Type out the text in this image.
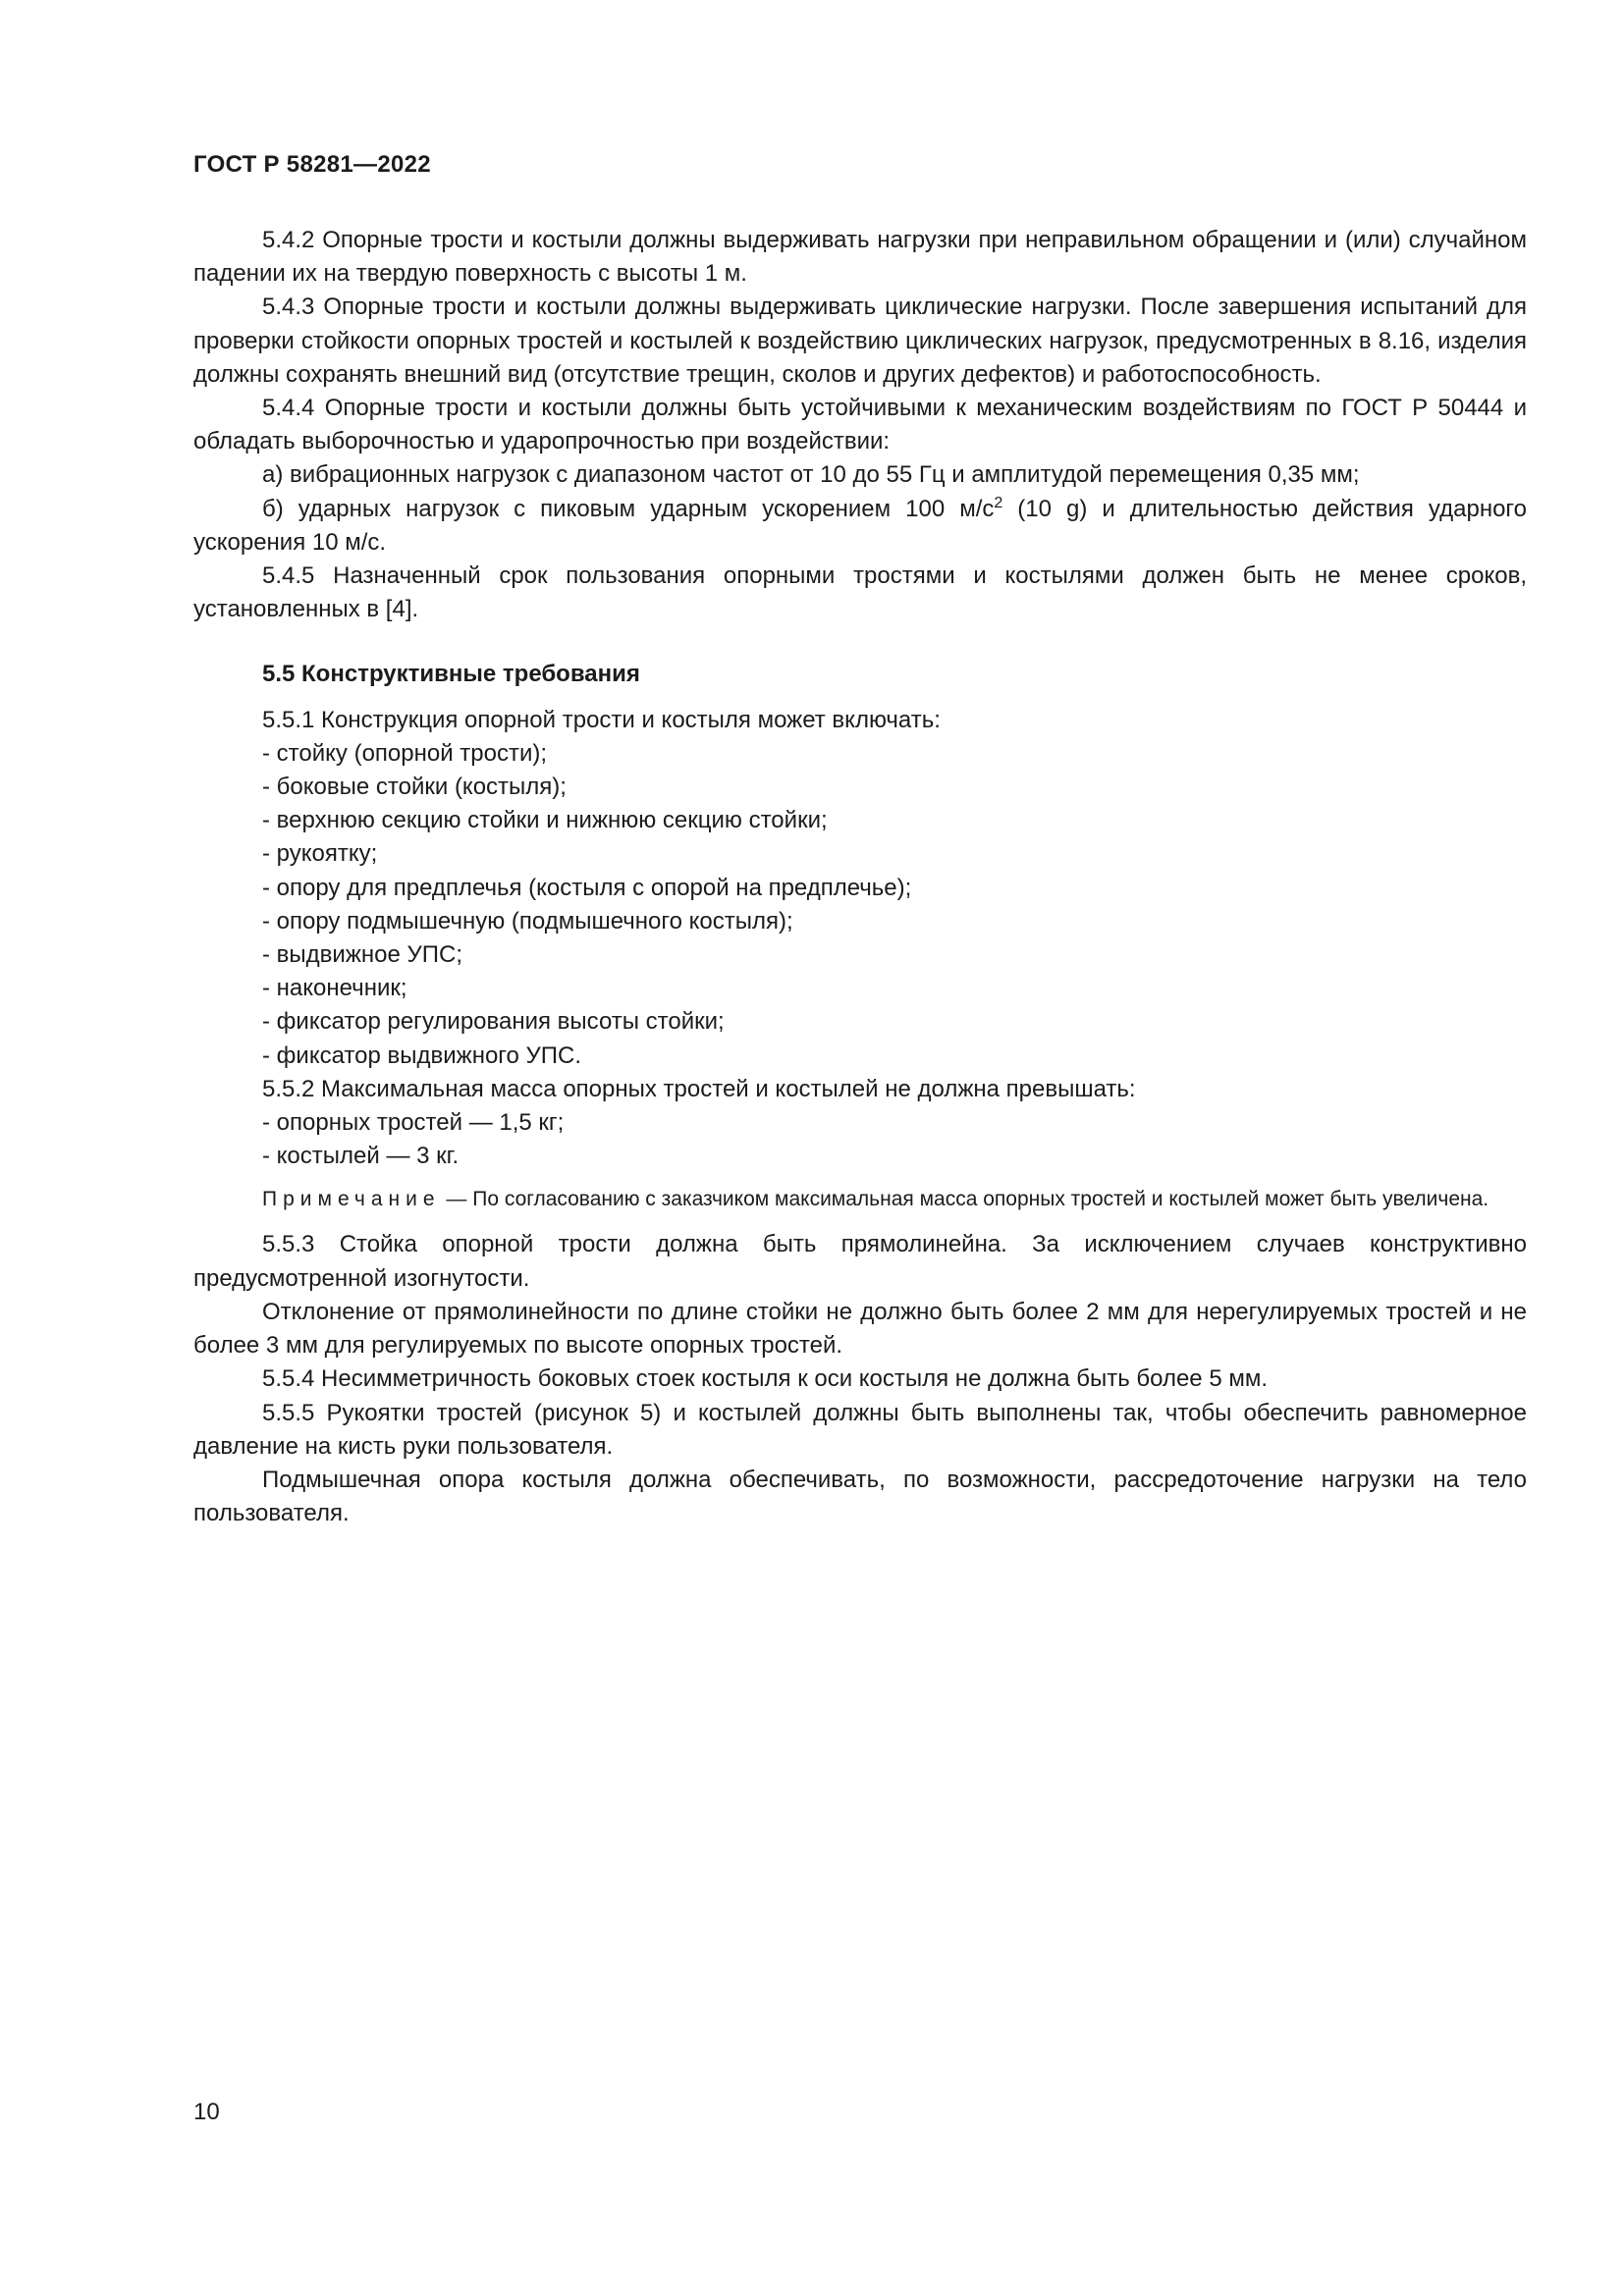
ГОСТ Р 58281—2022

5.4.2 Опорные трости и костыли должны выдерживать нагрузки при неправильном обращении и (или) случайном падении их на твердую поверхность с высоты 1 м.

5.4.3 Опорные трости и костыли должны выдерживать циклические нагрузки. После завершения испытаний для проверки стойкости опорных тростей и костылей к воздействию циклических нагрузок, предусмотренных в 8.16, изделия должны сохранять внешний вид (отсутствие трещин, сколов и других дефектов) и работоспособность.

5.4.4 Опорные трости и костыли должны быть устойчивыми к механическим воздействиям по ГОСТ Р 50444 и обладать выборочностью и ударопрочностью при воздействии:

а) вибрационных нагрузок с диапазоном частот от 10 до 55 Гц и амплитудой перемещения 0,35 мм;

б) ударных нагрузок с пиковым ударным ускорением 100 $м/с^2$ (10 g) и длительностью действия ударного ускорения 10 м/с.

5.4.5 Назначенный срок пользования опорными тростями и костылями должен быть не менее сроков, установленных в [4].

5.5 Конструктивные требования

5.5.1 Конструкция опорной трости и костыля может включать:

- стойку (опорной трости);
- боковые стойки (костыля);
- верхнюю секцию стойки и нижнюю секцию стойки;
- рукоятку;
- опору для предплечья (костыля с опорой на предплечье);
- опору подмышечную (подмышечного костыля);
- выдвижное УПС;
- наконечник;
- фиксатор регулирования высоты стойки;
- фиксатор выдвижного УПС.

5.5.2 Максимальная масса опорных тростей и костылей не должна превышать:

- опорных тростей — 1,5 кг;
- костылей — 3 кг.
Примечание — По согласованию с заказчиком максимальная масса опорных тростей и костылей может быть увеличена.

5.5.3 Стойка опорной трости должна быть прямолинейна. За исключением случаев конструктивно предусмотренной изогнутости.

Отклонение от прямолинейности по длине стойки не должно быть более 2 мм для нерегулируемых тростей и не более 3 мм для регулируемых по высоте опорных тростей.

5.5.4 Несимметричность боковых стоек костыля к оси костыля не должна быть более 5 мм.

5.5.5 Рукоятки тростей (рисунок 5) и костылей должны быть выполнены так, чтобы обеспечить равномерное давление на кисть руки пользователя.

Подмышечная опора костыля должна обеспечивать, по возможности, рассредоточение нагрузки на тело пользователя.

10
